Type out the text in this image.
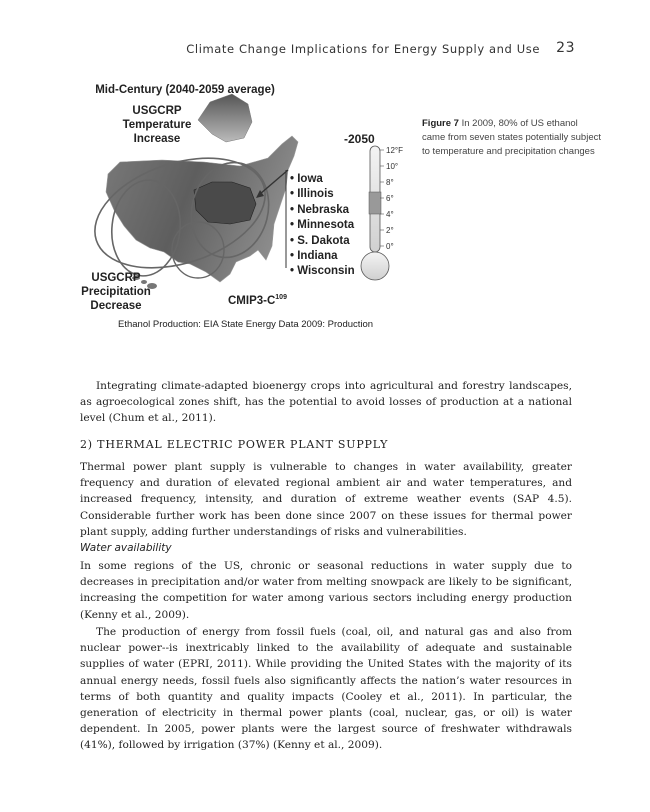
Climate Change Implications for Energy Supply and Use 23
Mid-Century (2040-2059 average)
USGCRP
Temperature
Increase
USGCRP
Precipitation
Decrease	$CMIP3-C^{109}$
• Iowa
• Illinois
• Nebraska
• Minnesota
• S. Dakota
• Indiana
• Wisconsin
-2050
12°F
10°
8°
6°
4°
2°
0°
Ethanol Production: EIA State Energy Data 2009: Production
Figure 7 In 2009, 80% of US ethanol came from seven states potentially subject to temperature and precipitation changes
Integrating climate-adapted bioenergy crops into agricultural and forestry landscapes, as agroecological zones shift, has the potential to avoid losses of production at a national level (Chum et al., 2011).
2) THERMAL ELECTRIC POWER PLANT SUPPLY
Thermal power plant supply is vulnerable to changes in water availability, greater frequency and duration of elevated regional ambient air and water temperatures, and increased frequency, intensity, and duration of extreme weather events (SAP 4.5). Considerable further work has been done since 2007 on these issues for thermal power plant supply, adding further understandings of risks and vulnerabilities.
Water availability
In some regions of the US, chronic or seasonal reductions in water supply due to decreases in precipitation and/or water from melting snowpack are likely to be significant, increasing the competition for water among various sectors including energy production (Kenny et al., 2009).
The production of energy from fossil fuels (coal, oil, and natural gas and also from nuclear power--is inextricably linked to the availability of adequate and sustainable supplies of water (EPRI, 2011). While providing the United States with the majority of its annual energy needs, fossil fuels also significantly affects the nation’s water resources in terms of both quantity and quality impacts (Cooley et al., 2011). In particular, the generation of electricity in thermal power plants (coal, nuclear, gas, or oil) is water dependent. In 2005, power plants were the largest source of freshwater withdrawals (41%), followed by irrigation (37%) (Kenny et al., 2009).
